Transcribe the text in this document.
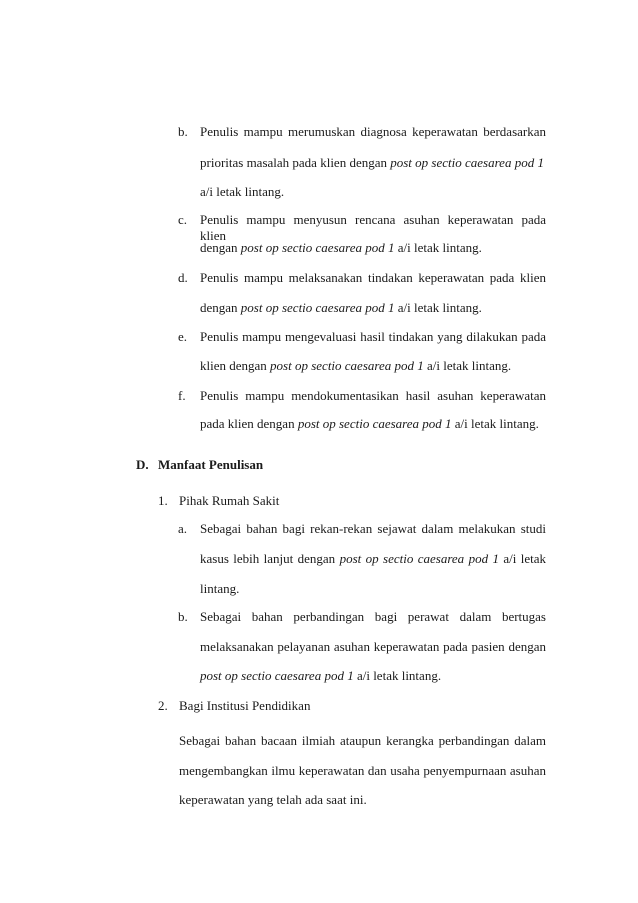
b. Penulis mampu merumuskan diagnosa keperawatan berdasarkan
prioritas masalah pada klien dengan post op sectio caesarea pod 1
a/i letak lintang.
c. Penulis mampu menyusun rencana asuhan keperawatan pada klien
dengan post op sectio caesarea pod 1 a/i letak lintang.
d. Penulis mampu melaksanakan tindakan keperawatan pada klien
dengan post op sectio caesarea pod 1 a/i letak lintang.
e. Penulis mampu mengevaluasi hasil tindakan yang dilakukan pada
klien dengan post op sectio caesarea pod 1 a/i letak lintang.
f. Penulis mampu mendokumentasikan hasil asuhan keperawatan
pada klien dengan post op sectio caesarea pod 1 a/i letak lintang.
D. Manfaat Penulisan
1. Pihak Rumah Sakit
a. Sebagai bahan bagi rekan-rekan sejawat dalam melakukan studi
kasus lebih lanjut dengan post op sectio caesarea pod 1 a/i letak
lintang.
b. Sebagai bahan perbandingan bagi perawat dalam bertugas
melaksanakan pelayanan asuhan keperawatan pada pasien dengan
post op sectio caesarea pod 1 a/i letak lintang.
2. Bagi Institusi Pendidikan
Sebagai bahan bacaan ilmiah ataupun kerangka perbandingan dalam
mengembangkan ilmu keperawatan dan usaha penyempurnaan asuhan
keperawatan yang telah ada saat ini.
